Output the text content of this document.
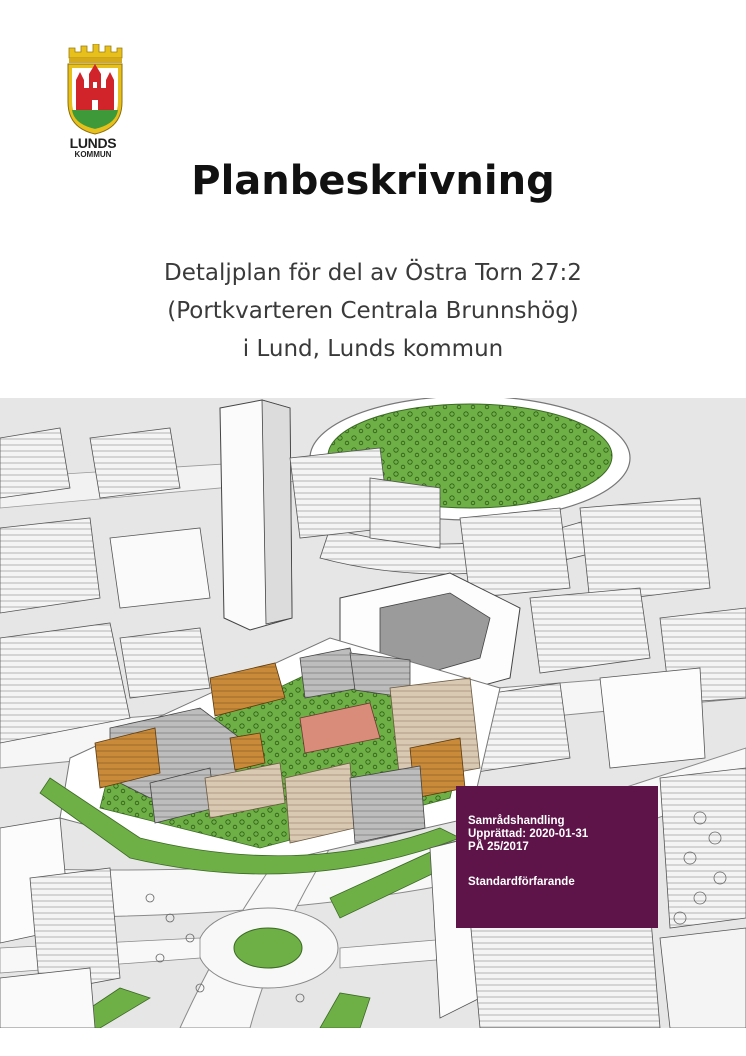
LUNDS
KOMMUN
Planbeskrivning
Detaljplan för del av Östra Torn 27:2
(Portkvarteren Centrala Brunnshög)
i Lund, Lunds kommun
Samrådshandling
Upprättad: 2020-01-31
PÅ 25/2017
Standardförfarande
